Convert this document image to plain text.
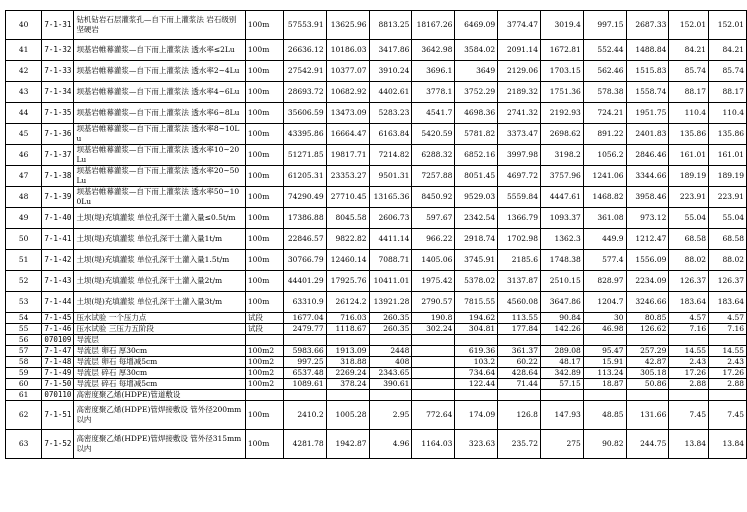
40	7-1-31	钻机钻岩石层灌浆孔—自下而上灌浆法 岩石级别 坚硬岩	100m	57553.91	13625.96	8813.25	18167.26	6469.09	3774.47	3019.4	997.15	2687.33	152.01	152.01
41	7-1-32	坝基岩帷幕灌浆—自下而上灌浆法 透水率≤2Lu	100m	26636.12	10186.03	3417.86	3642.98	3584.02	2091.14	1672.81	552.44	1488.84	84.21	84.21
42	7-1-33	坝基岩帷幕灌浆—自下而上灌浆法 透水率2~4Lu	100m	27542.91	10377.07	3910.24	3696.1	3649	2129.06	1703.15	562.46	1515.83	85.74	85.74
43	7-1-34	坝基岩帷幕灌浆—自下而上灌浆法 透水率4~6Lu	100m	28693.72	10682.92	4402.61	3778.1	3752.29	2189.32	1751.36	578.38	1558.74	88.17	88.17
44	7-1-35	坝基岩帷幕灌浆—自下而上灌浆法 透水率6~8Lu	100m	35606.59	13473.09	5283.23	4541.7	4698.36	2741.32	2192.93	724.21	1951.75	110.4	110.4
45	7-1-36	坝基岩帷幕灌浆—自下而上灌浆法 透水率8~10Lu	100m	43395.86	16664.47	6163.84	5420.59	5781.82	3373.47	2698.62	891.22	2401.83	135.86	135.86
46	7-1-37	坝基岩帷幕灌浆—自下而上灌浆法 透水率10~20Lu	100m	51271.85	19817.71	7214.82	6288.32	6852.16	3997.98	3198.2	1056.2	2846.46	161.01	161.01
47	7-1-38	坝基岩帷幕灌浆—自下而上灌浆法 透水率20~50Lu	100m	61205.31	23353.27	9501.31	7257.88	8051.45	4697.72	3757.96	1241.06	3344.66	189.19	189.19
48	7-1-39	坝基岩帷幕灌浆—自下而上灌浆法 透水率50~100Lu	100m	74290.49	27710.45	13165.36	8450.92	9529.03	5559.84	4447.61	1468.82	3958.46	223.91	223.91
49	7-1-40	土坝(堤)充填灌浆 单位孔深干土灌入量≤0.5t/m	100m	17386.88	8045.58	2606.73	597.67	2342.54	1366.79	1093.37	361.08	973.12	55.04	55.04
50	7-1-41	土坝(堤)充填灌浆 单位孔深干土灌入量1t/m	100m	22846.57	9822.82	4411.14	966.22	2918.74	1702.98	1362.3	449.9	1212.47	68.58	68.58
51	7-1-42	土坝(堤)充填灌浆 单位孔深干土灌入量1.5t/m	100m	30766.79	12460.14	7088.71	1405.06	3745.91	2185.6	1748.38	577.4	1556.09	88.02	88.02
52	7-1-43	土坝(堤)充填灌浆 单位孔深干土灌入量2t/m	100m	44401.29	17925.76	10411.01	1975.42	5378.02	3137.87	2510.15	828.97	2234.09	126.37	126.37
53	7-1-44	土坝(堤)充填灌浆 单位孔深干土灌入量3t/m	100m	63310.9	26124.2	13921.28	2790.57	7815.55	4560.08	3647.86	1204.7	3246.66	183.64	183.64
54	7-1-45	压水试验 一个压力点	试段	1677.04	716.03	260.35	190.8	194.62	113.55	90.84	30	80.85	4.57	4.57
55	7-1-46	压水试验 三压力五阶段	试段	2479.77	1118.67	260.35	302.24	304.81	177.84	142.26	46.98	126.62	7.16	7.16
56	070109	导流层												
57	7-1-47	导流层 卵石 厚30cm	100m2	5983.66	1913.09	2448		619.36	361.37	289.08	95.47	257.29	14.55	14.55
58	7-1-48	导流层 卵石 每增减5cm	100m2	997.25	318.88	408		103.2	60.22	48.17	15.91	42.87	2.43	2.43
59	7-1-49	导流层 碎石 厚30cm	100m2	6537.48	2269.24	2343.65		734.64	428.64	342.89	113.24	305.18	17.26	17.26
60	7-1-50	导流层 碎石 每增减5cm	100m2	1089.61	378.24	390.61		122.44	71.44	57.15	18.87	50.86	2.88	2.88
61	070110	高密度聚乙烯(HDPE)管道敷设												
62	7-1-51	高密度聚乙烯(HDPE)管焊接敷设 管外径200mm以内	100m	2410.2	1005.28	2.95	772.64	174.09	126.8	147.93	48.85	131.66	7.45	7.45
63	7-1-52	高密度聚乙烯(HDPE)管焊接敷设 管外径315mm以内	100m	4281.78	1942.87	4.96	1164.03	323.63	235.72	275	90.82	244.75	13.84	13.84
